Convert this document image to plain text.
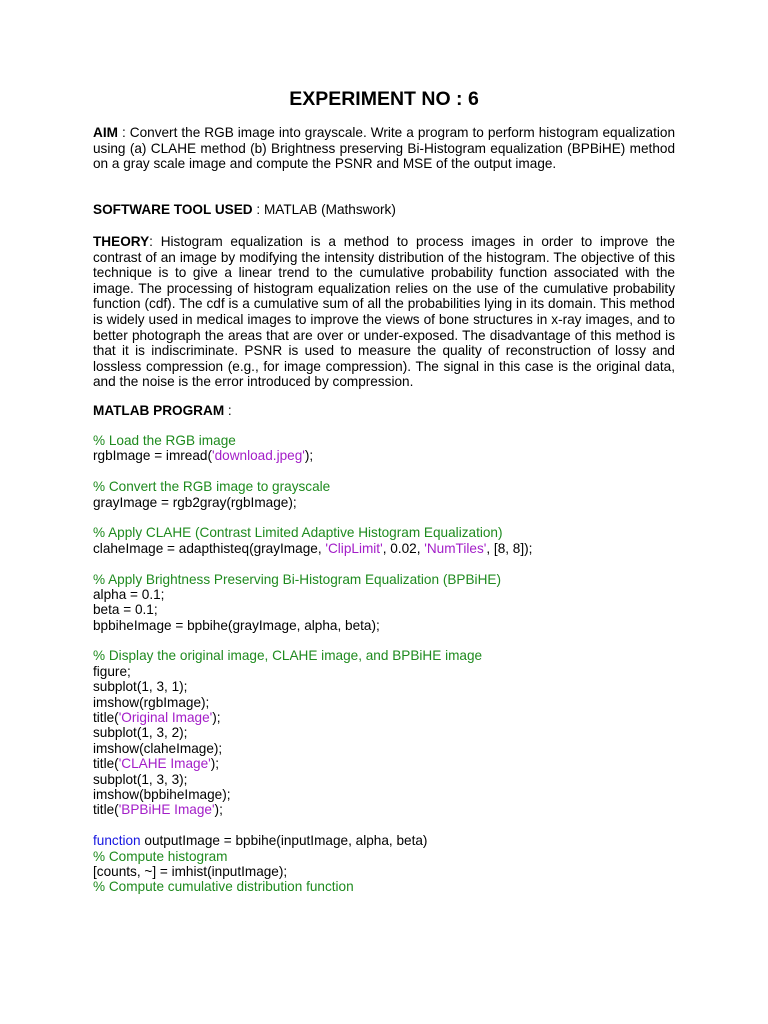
EXPERIMENT NO : 6

AIM : Convert the RGB image into grayscale. Write a program to perform histogram equalization using (a) CLAHE method (b) Brightness preserving Bi-Histogram equalization (BPBiHE) method on a gray scale image and compute the PSNR and MSE of the output image.

SOFTWARE TOOL USED : MATLAB (Mathswork)

THEORY: Histogram equalization is a method to process images in order to improve the contrast of an image by modifying the intensity distribution of the histogram. The objective of this technique is to give a linear trend to the cumulative probability function associated with the image. The processing of histogram equalization relies on the use of the cumulative probability function (cdf). The cdf is a cumulative sum of all the probabilities lying in its domain. This method is widely used in medical images to improve the views of bone structures in x-ray images, and to better photograph the areas that are over or under-exposed. The disadvantage of this method is that it is indiscriminate. PSNR is used to measure the quality of reconstruction of lossy and lossless compression (e.g., for image compression). The signal in this case is the original data, and the noise is the error introduced by compression.

MATLAB PROGRAM :

% Load the RGB image
rgbImage = imread('download.jpeg');
% Convert the RGB image to grayscale
grayImage = rgb2gray(rgbImage);
% Apply CLAHE (Contrast Limited Adaptive Histogram Equalization)
claheImage = adapthisteq(grayImage, 'ClipLimit', 0.02, 'NumTiles', [8, 8]);
% Apply Brightness Preserving Bi-Histogram Equalization (BPBiHE)
alpha = 0.1;
beta = 0.1;
bpbiheImage = bpbihe(grayImage, alpha, beta);
% Display the original image, CLAHE image, and BPBiHE image
figure;
subplot(1, 3, 1);
imshow(rgbImage);
title('Original Image');
subplot(1, 3, 2);
imshow(claheImage);
title('CLAHE Image');
subplot(1, 3, 3);
imshow(bpbiheImage);
title('BPBiHE Image');
function outputImage = bpbihe(inputImage, alpha, beta)
% Compute histogram
[counts, ~] = imhist(inputImage);
% Compute cumulative distribution function
